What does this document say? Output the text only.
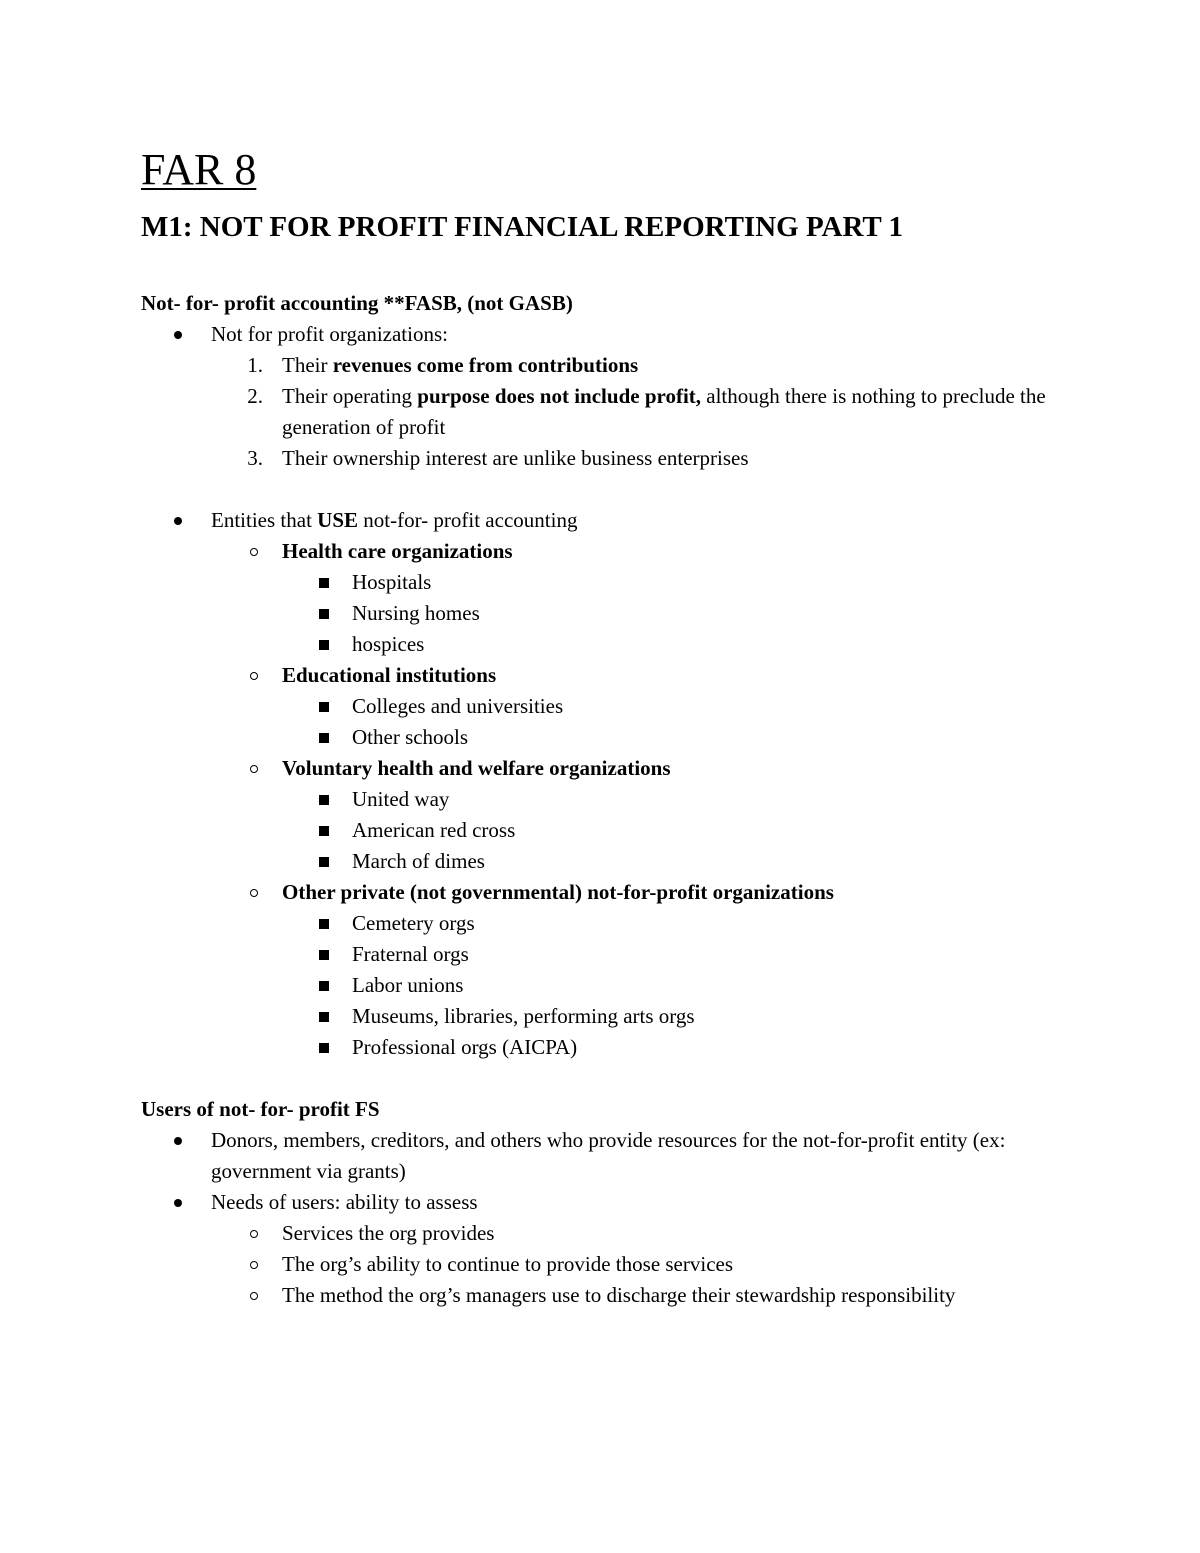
FAR 8
M1: NOT FOR PROFIT FINANCIAL REPORTING PART 1

Not- for- profit accounting **FASB, (not GASB)

Not for profit organizations:
1. Their revenues come from contributions
2. Their operating purpose does not include profit, although there is nothing to preclude the generation of profit
3. Their ownership interest are unlike business enterprises
Entities that USE not-for- profit accounting
Health care organizations
Hospitals
Nursing homes
hospices
Educational institutions
Colleges and universities
Other schools
Voluntary health and welfare organizations
United way
American red cross
March of dimes
Other private (not governmental) not-for-profit organizations
Cemetery orgs
Fraternal orgs
Labor unions
Museums, libraries, performing arts orgs
Professional orgs (AICPA)

Users of not- for- profit FS

Donors, members, creditors, and others who provide resources for the not-for-profit entity (ex: government via grants)
Needs of users: ability to assess
Services the org provides
The org’s ability to continue to provide those services
The method the org’s managers use to discharge their stewardship responsibility
